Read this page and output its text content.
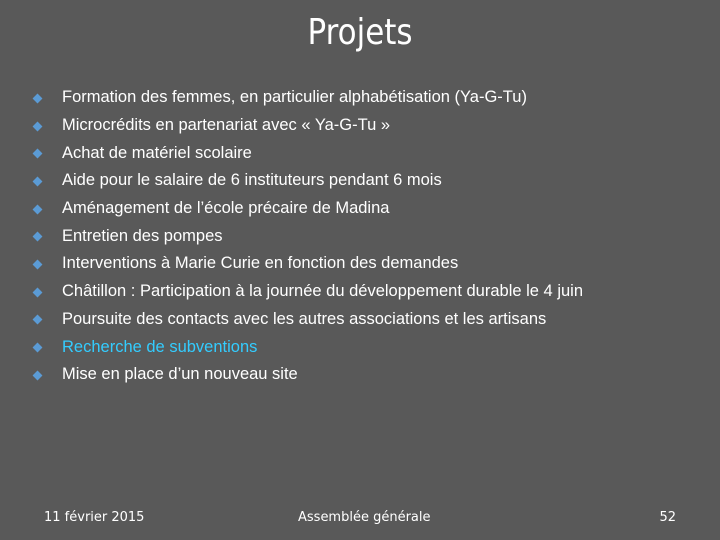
Projets
Formation des femmes, en particulier alphabétisation (Ya-G-Tu)
Microcrédits en partenariat avec « Ya-G-Tu »
Achat de matériel scolaire
Aide pour le salaire de 6 instituteurs pendant 6 mois
Aménagement de l’école précaire de Madina
Entretien des pompes
Interventions à Marie Curie en fonction des demandes
Châtillon : Participation à la journée du développement durable le 4 juin
Poursuite des contacts avec les autres associations et les artisans
Recherche de subventions
Mise en place d’un nouveau site
11 février 2015	Assemblée générale	52
